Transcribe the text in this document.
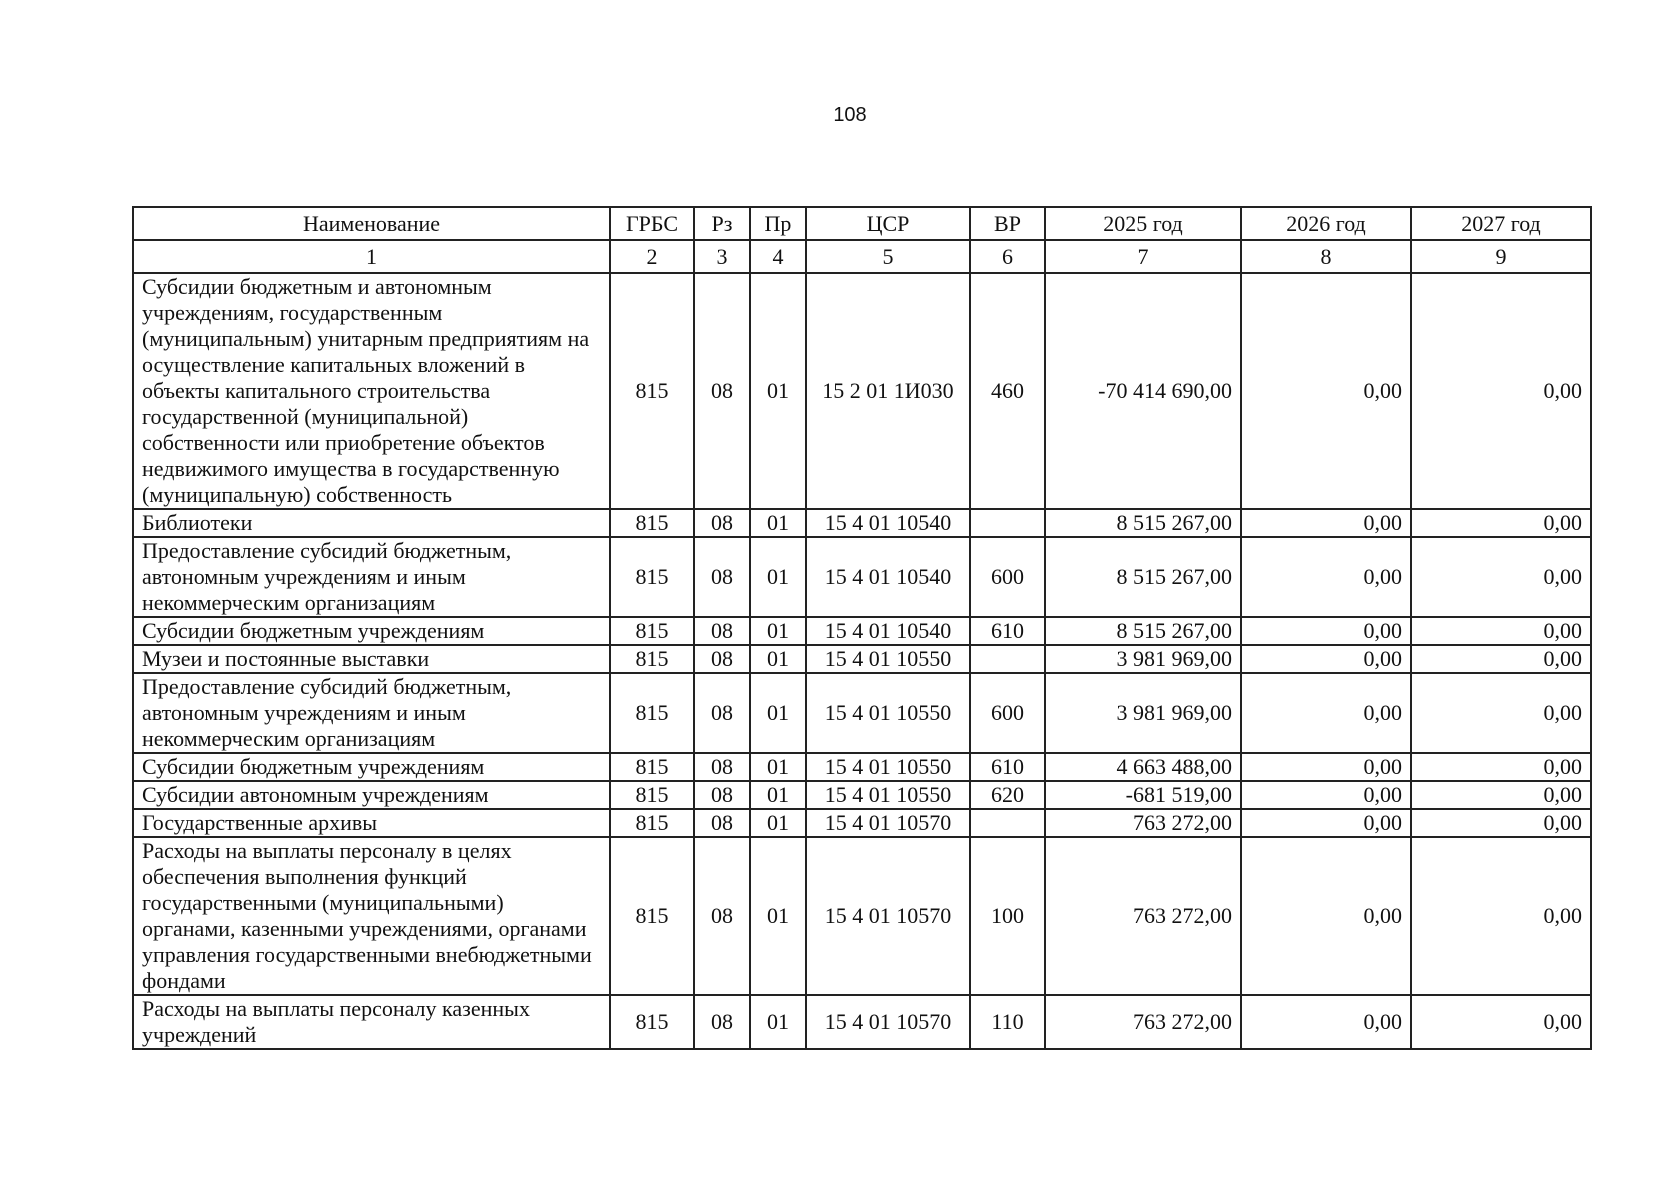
108
Наименование	ГРБС	Рз	Пр	ЦСР	ВР	2025 год	2026 год	2027 год
1	2	3	4	5	6	7	8	9
Субсидии бюджетным и автономным учреждениям, государственным (муниципальным) унитарным предприятиям на осуществление капитальных вложений в объекты капитального строительства государственной (муниципальной) собственности или приобретение объектов недвижимого имущества в государственную (муниципальную) собственность	815	08	01	15 2 01 1И030	460	-70 414 690,00	0,00	0,00
Библиотеки	815	08	01	15 4 01 10540		8 515 267,00	0,00	0,00
Предоставление субсидий бюджетным, автономным учреждениям и иным некоммерческим организациям	815	08	01	15 4 01 10540	600	8 515 267,00	0,00	0,00
Субсидии бюджетным учреждениям	815	08	01	15 4 01 10540	610	8 515 267,00	0,00	0,00
Музеи и постоянные выставки	815	08	01	15 4 01 10550		3 981 969,00	0,00	0,00
Предоставление субсидий бюджетным, автономным учреждениям и иным некоммерческим организациям	815	08	01	15 4 01 10550	600	3 981 969,00	0,00	0,00
Субсидии бюджетным учреждениям	815	08	01	15 4 01 10550	610	4 663 488,00	0,00	0,00
Субсидии автономным учреждениям	815	08	01	15 4 01 10550	620	-681 519,00	0,00	0,00
Государственные архивы	815	08	01	15 4 01 10570		763 272,00	0,00	0,00
Расходы на выплаты персоналу в целях обеспечения выполнения функций государственными (муниципальными) органами, казенными учреждениями, органами управления государственными внебюджетными фондами	815	08	01	15 4 01 10570	100	763 272,00	0,00	0,00
Расходы на выплаты персоналу казенных учреждений	815	08	01	15 4 01 10570	110	763 272,00	0,00	0,00
